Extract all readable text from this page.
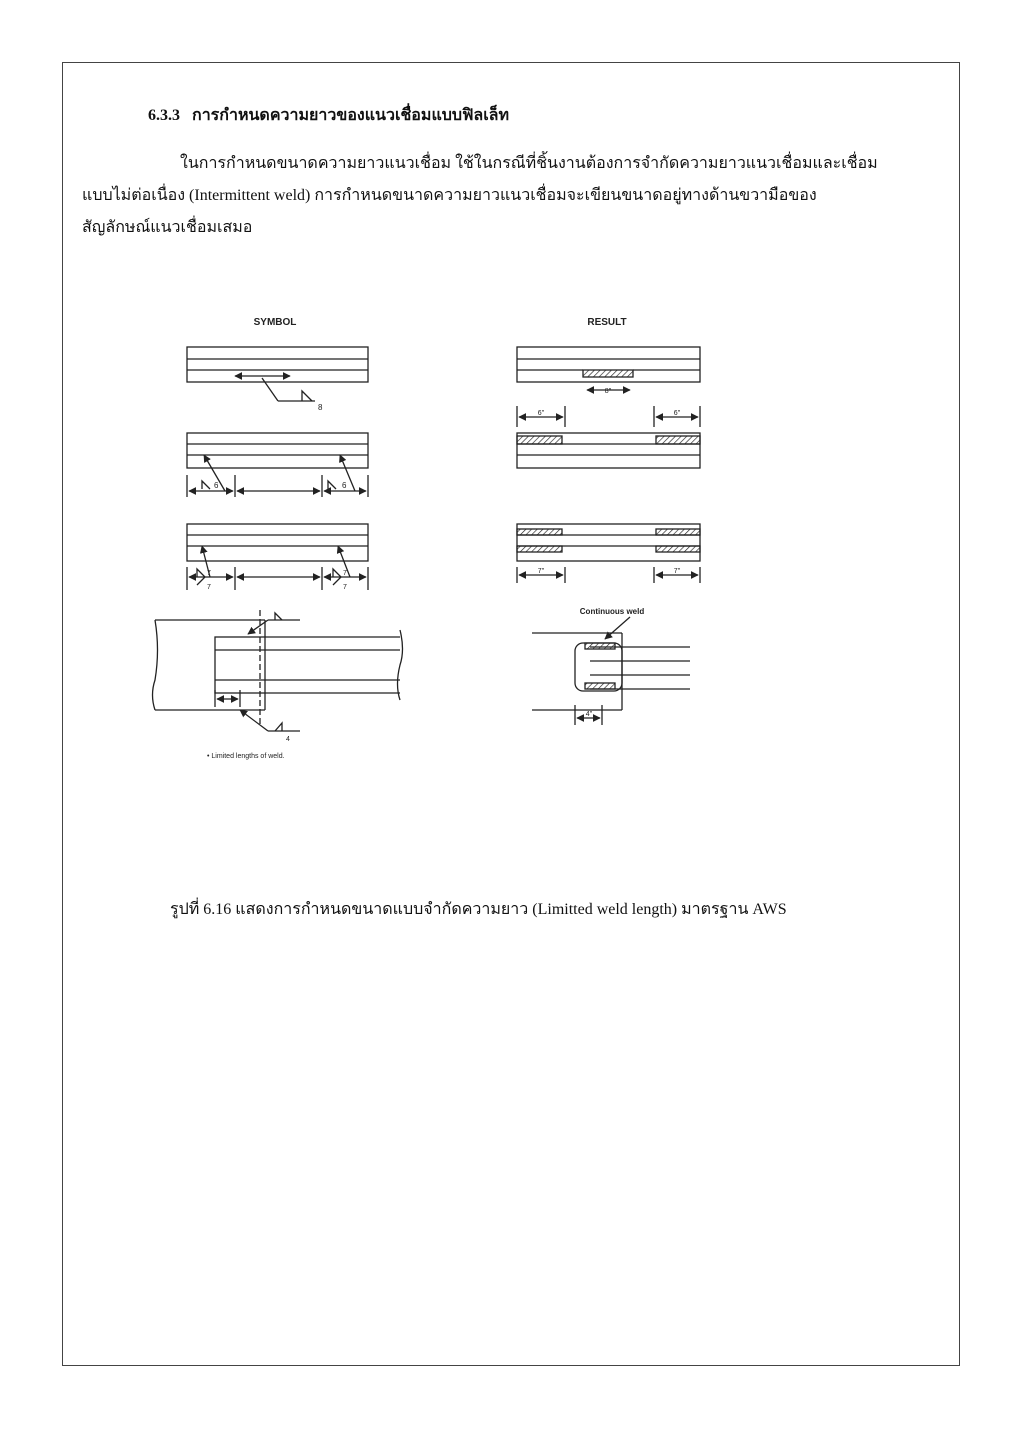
6.3.3 การกำหนดความยาวของแนวเชื่อมแบบฟิลเล็ท
ในการกำหนดขนาดความยาวแนวเชื่อม ใช้ในกรณีที่ชิ้นงานต้องการจำกัดความยาวแนวเชื่อมและเชื่อม
แบบไม่ต่อเนื่อง (Intermittent weld) การกำหนดขนาดความยาวแนวเชื่อมจะเขียนขนาดอยู่ทางด้านขวามือของ
สัญลักษณ์แนวเชื่อมเสมอ
SYMBOL	RESULT
8
8"
6	6
6"	6"
7
7
7
7
7"	7"
4
• Limited lengths of weld.
Continuous weld
4"
รูปที่ 6.16 แสดงการกำหนดขนาดแบบจำกัดความยาว (Limitted weld length) มาตรฐาน AWS
